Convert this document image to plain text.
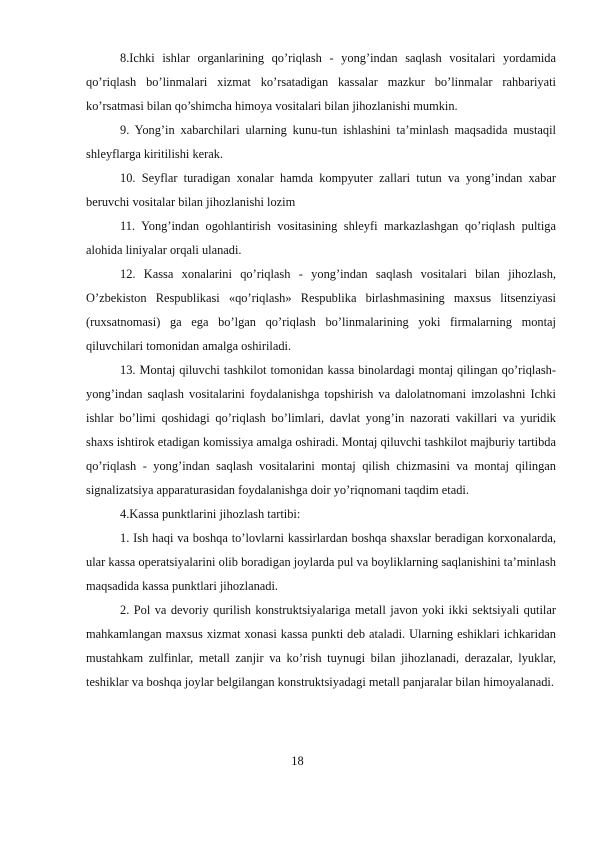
8.Ichki ishlar organlarining qo’riqlash - yong’indan saqlash vositalari yordamida qo’riqlash bo’linmalari xizmat ko’rsatadigan kassalar mazkur bo’linmalar rahbariyati ko’rsatmasi bilan qo’shimcha himoya vositalari bilan jihozlanishi mumkin.

9. Yong’in xabarchilari ularning kunu-tun ishlashini ta’minlash maqsadida mustaqil shleyflarga kiritilishi kerak.

10. Seyflar turadigan xonalar hamda kompyuter zallari tutun va yong’indan xabar beruvchi vositalar bilan jihozlanishi lozim

11. Yong’indan ogohlantirish vositasining shleyfi markazlashgan qo’riqlash pultiga alohida liniyalar orqali ulanadi.

12. Kassa xonalarini qo’riqlash - yong’indan saqlash vositalari bilan jihozlash, O’zbekiston Respublikasi «qo’riqlash» Respublika birlashmasining maxsus litsenziyasi (ruxsatnomasi) ga ega bo’lgan qo’riqlash bo’linmalarining yoki firmalarning montaj qiluvchilari tomonidan amalga oshiriladi.

13. Montaj qiluvchi tashkilot tomonidan kassa binolardagi montaj qilingan qo’riqlash-yong’indan saqlash vositalarini foydalanishga topshirish va dalolatnomani imzolashni Ichki ishlar bo’limi qoshidagi qo’riqlash bo’limlari, davlat yong’in nazorati vakillari va yuridik shaxs ishtirok etadigan komissiya amalga oshiradi. Montaj qiluvchi tashkilot majburiy tartibda qo’riqlash - yong’indan saqlash vositalarini montaj qilish chizmasini va montaj qilingan signalizatsiya apparaturasidan foydalanishga doir yo’riqnomani taqdim etadi.

4.Kassa punktlarini jihozlash tartibi:

1. Ish haqi va boshqa to’lovlarni kassirlardan boshqa shaxslar beradigan korxonalarda, ular kassa operatsiyalarini olib boradigan joylarda pul va boyliklarning saqlanishini ta’minlash maqsadida kassa punktlari jihozlanadi.

2. Pol va devoriy qurilish konstruktsiyalariga metall javon yoki ikki sektsiyali qutilar mahkamlangan maxsus xizmat xonasi kassa punkti deb ataladi. Ularning eshiklari ichkaridan mustahkam zulfinlar, metall zanjir va ko’rish tuynugi bilan jihozlanadi, derazalar, lyuklar, teshiklar va boshqa joylar belgilangan konstruktsiyadagi metall panjaralar bilan himoyalanadi.

18
